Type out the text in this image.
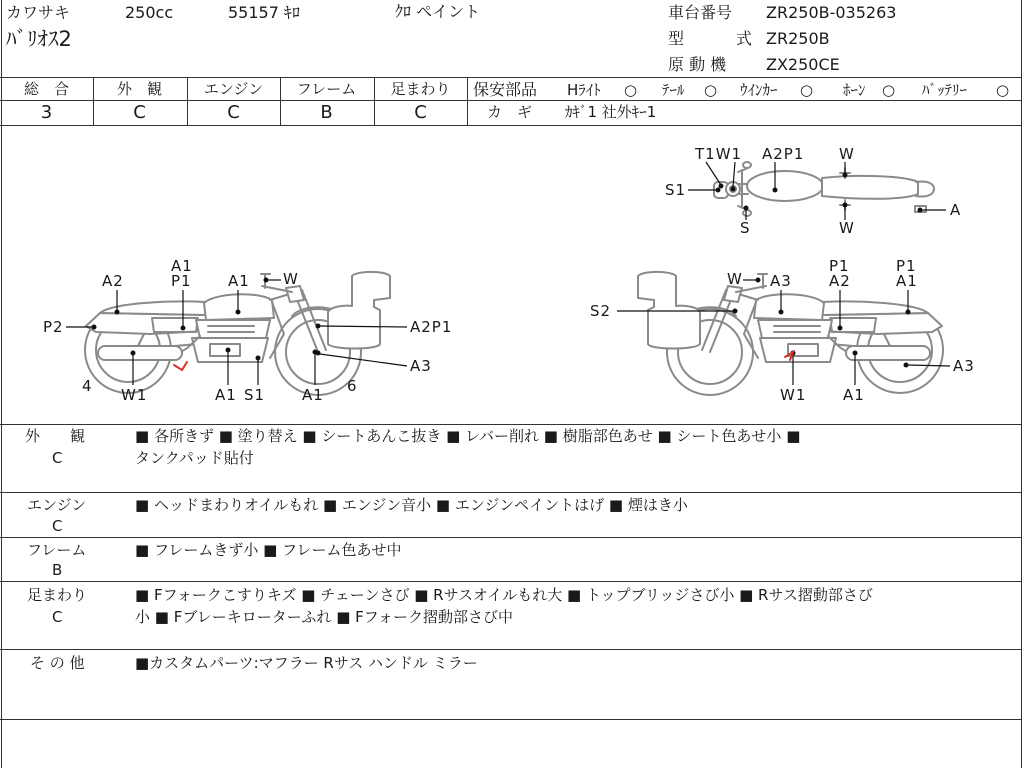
カワサキ	250cc	55157 ｷﾛ	ｸﾛ ペイント
ﾊﾞﾘｵｽ2
車台番号 ZR250B-035263
型	式 ZR250B
原 動 機 ZX250CE
総　合	外　観	エンジン	フレーム	足まわり
3	C	C	B	C
保安部品 Hﾗｲﾄ ○ ﾃｰﾙ ○ ｳｲﾝｶｰ ○ ﾎｰﾝ ○ ﾊﾞｯﾃﾘｰ ○
カ　ギ ｶｷﾞ1 社外ｷｰ1
T1W1 A2P1 W
S1
S	W
A
A1
P1
A2	A1 W
P2	A2P1
A3
4 W1	A1 S1 A1 6
W A3
P1
A2
P1
A1
S2
A3
W1 A1
外　　観
C
■ 各所きず ■ 塗り替え ■ シートあんこ抜き ■ レバー削れ ■ 樹脂部色あせ ■ シート色あせ小 ■
タンクパッド貼付
エンジン
C
■ ヘッドまわりオイルもれ ■ エンジン音小 ■ エンジンペイントはげ ■ 煙はき小
フレーム
B
■ フレームきず小 ■ フレーム色あせ中
足まわり
C
■ Fフォークこすりキズ ■ チェーンさび ■ Rサスオイルもれ大 ■ トップブリッジさび小 ■ Rサス摺動部さび
小 ■ Fブレーキローターふれ ■ Fフォーク摺動部さび中
そ の 他	■カスタムパーツ:マフラー Rサス ハンドル ミラー
